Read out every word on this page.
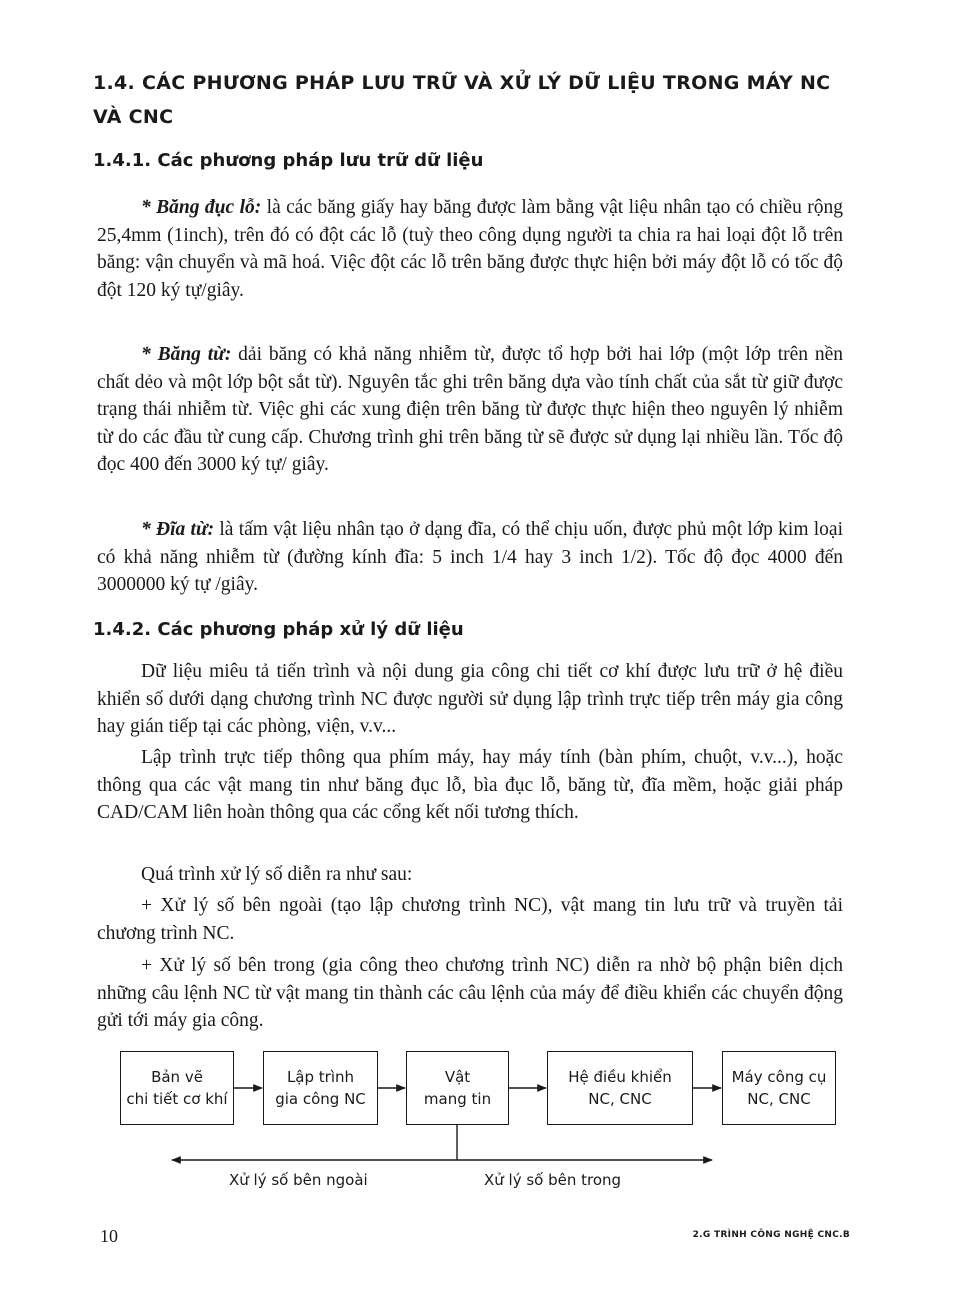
1.4. CÁC PHƯƠNG PHÁP LƯU TRỮ VÀ XỬ LÝ DỮ LIỆU TRONG MÁY NC VÀ CNC
1.4.1. Các phương pháp lưu trữ dữ liệu

* Băng đục lỗ: là các băng giấy hay băng được làm bằng vật liệu nhân tạo có chiều rộng 25,4mm (1inch), trên đó có đột các lỗ (tuỳ theo công dụng người ta chia ra hai loại đột lỗ trên băng: vận chuyển và mã hoá. Việc đột các lỗ trên băng được thực hiện bởi máy đột lỗ có tốc độ đột 120 ký tự/giây.

* Băng từ: dải băng có khả năng nhiễm từ, được tổ hợp bởi hai lớp (một lớp trên nền chất dẻo và một lớp bột sắt từ). Nguyên tắc ghi trên băng dựa vào tính chất của sắt từ giữ được trạng thái nhiễm từ. Việc ghi các xung điện trên băng từ được thực hiện theo nguyên lý nhiễm từ do các đầu từ cung cấp. Chương trình ghi trên băng từ sẽ được sử dụng lại nhiều lần. Tốc độ đọc 400 đến 3000 ký tự/ giây.

* Đĩa từ: là tấm vật liệu nhân tạo ở dạng đĩa, có thể chịu uốn, được phủ một lớp kim loại có khả năng nhiễm từ (đường kính đĩa: 5 inch 1/4 hay 3 inch 1/2). Tốc độ đọc 4000 đến 3000000 ký tự /giây.

1.4.2. Các phương pháp xử lý dữ liệu

Dữ liệu miêu tả tiến trình và nội dung gia công chi tiết cơ khí được lưu trữ ở hệ điều khiển số dưới dạng chương trình NC được người sử dụng lập trình trực tiếp trên máy gia công hay gián tiếp tại các phòng, viện, v.v...

Lập trình trực tiếp thông qua phím máy, hay máy tính (bàn phím, chuột, v.v...), hoặc thông qua các vật mang tin như băng đục lỗ, bìa đục lỗ, băng từ, đĩa mềm, hoặc giải pháp CAD/CAM liên hoàn thông qua các cổng kết nối tương thích.

Quá trình xử lý số diễn ra như sau:

+ Xử lý số bên ngoài (tạo lập chương trình NC), vật mang tin lưu trữ và truyền tải chương trình NC.

+ Xử lý số bên trong (gia công theo chương trình NC) diễn ra nhờ bộ phận biên dịch những câu lệnh NC từ vật mang tin thành các câu lệnh của máy để điều khiển các chuyển động gửi tới máy gia công.

Bản vẽ
chi tiết cơ khí
Lập trình
gia công NC
Vật
mang tin
Hệ điều khiển
NC, CNC
Máy công cụ
NC, CNC
Xử lý số bên ngoài	Xử lý số bên trong
10	2.G TRÌNH CÔNG NGHỆ CNC.B
